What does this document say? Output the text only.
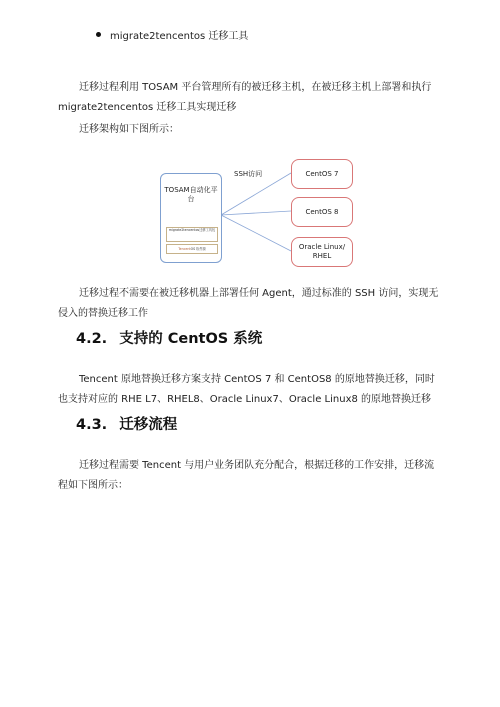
migrate2tencentos 迁移工具
迁移过程利用 TOSAM 平台管理所有的被迁移主机，在被迁移主机上部署和执行 migrate2tencentos 迁移工具实现迁移
迁移架构如下图所示：
SSH访问
TOSAM自动化平台
migrate2tencentos迁移工具包
TencentOS 软件源
CentOS 7
CentOS 8
Oracle Linux/ RHEL
迁移过程不需要在被迁移机器上部署任何 Agent，通过标准的 SSH 访问，实现无侵入的替换迁移工作
4.2. 支持的 CentOS 系统
Tencent 原地替换迁移方案支持 CentOS 7 和 CentOS8 的原地替换迁移，同时也支持对应的 RHE L7、RHEL8、Oracle Linux7、Oracle Linux8 的原地替换迁移
4.3. 迁移流程
迁移过程需要 Tencent 与用户业务团队充分配合，根据迁移的工作安排，迁移流程如下图所示：
